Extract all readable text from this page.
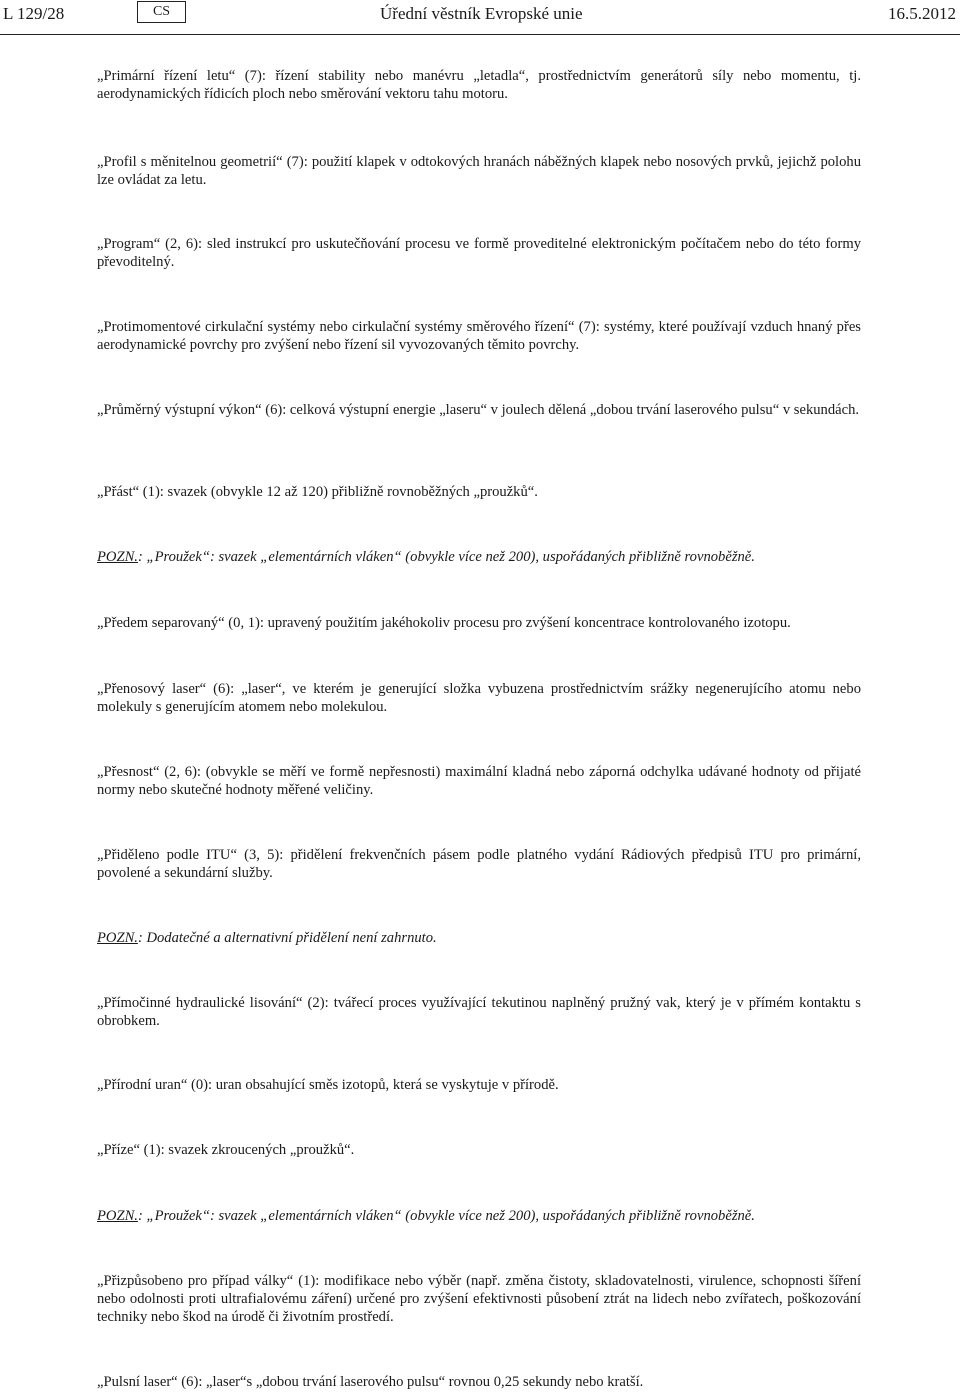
L 129/28	CS	Úřední věstník Evropské unie	16.5.2012

„Primární řízení letu“ (7): řízení stability nebo manévru „letadla“, prostřednictvím generátorů síly nebo momentu, tj. aerodynamických řídicích ploch nebo směrování vektoru tahu motoru.

„Profil s měnitelnou geometrií“ (7): použití klapek v odtokových hranách náběžných klapek nebo nosových prvků, jejichž polohu lze ovládat za letu.

„Program“ (2, 6): sled instrukcí pro uskutečňování procesu ve formě proveditelné elektronickým počítačem nebo do této formy převoditelný.

„Protimomentové cirkulační systémy nebo cirkulační systémy směrového řízení“ (7): systémy, které používají vzduch hnaný přes aerodynamické povrchy pro zvýšení nebo řízení sil vyvozovaných těmito povrchy.

„Průměrný výstupní výkon“ (6): celková výstupní energie „laseru“ v joulech dělená „dobou trvání laserového pulsu“ v sekundách.

„Přást“ (1): svazek (obvykle 12 až 120) přibližně rovnoběžných „proužků“.

POZN.: „Proužek“: svazek „elementárních vláken“ (obvykle více než 200), uspořádaných přibližně rovnoběžně.

„Předem separovaný“ (0, 1): upravený použitím jakéhokoliv procesu pro zvýšení koncentrace kontrolovaného izotopu.

„Přenosový laser“ (6): „laser“, ve kterém je generující složka vybuzena prostřednictvím srážky negenerujícího atomu nebo molekuly s generujícím atomem nebo molekulou.

„Přesnost“ (2, 6): (obvykle se měří ve formě nepřesnosti) maximální kladná nebo záporná odchylka udávané hodnoty od přijaté normy nebo skutečné hodnoty měřené veličiny.

„Přiděleno podle ITU“ (3, 5): přidělení frekvenčních pásem podle platného vydání Rádiových předpisů ITU pro primární, povolené a sekundární služby.

POZN.: Dodatečné a alternativní přidělení není zahrnuto.

„Přímočinné hydraulické lisování“ (2): tvářecí proces využívající tekutinou naplněný pružný vak, který je v přímém kontaktu s obrobkem.

„Přírodní uran“ (0): uran obsahující směs izotopů, která se vyskytuje v přírodě.

„Příze“ (1): svazek zkroucených „proužků“.

POZN.: „Proužek“: svazek „elementárních vláken“ (obvykle více než 200), uspořádaných přibližně rovnoběžně.

„Přizpůsobeno pro případ války“ (1): modifikace nebo výběr (např. změna čistoty, skladovatelnosti, virulence, schopnosti šíření nebo odolnosti proti ultrafialovému záření) určené pro zvýšení efektivnosti působení ztrát na lidech nebo zvířatech, poškozování techniky nebo škod na úrodě či životním prostředí.

„Pulsní laser“ (6): „laser“s „dobou trvání laserového pulsu“ rovnou 0,25 sekundy nebo kratší.
